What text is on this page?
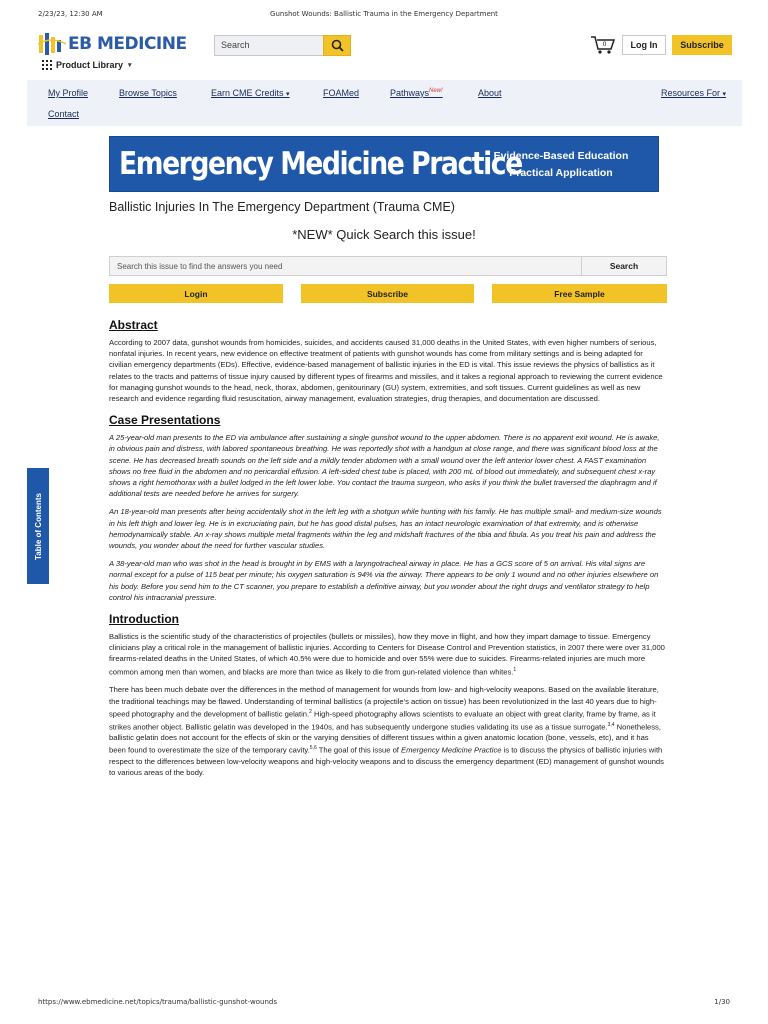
2/23/23, 12:30 AM	Gunshot Wounds: Ballistic Trauma in the Emergency Department
EB MEDICINE
Product Library ▾
Search	0	Log In	Subscribe
My Profile	Browse Topics	Earn CME Credits ▾	FOAMed	Pathways$^{New!}$	About	Resources For ▾
Contact
Emergency Medicine Practice
Evidence-Based Education
Practical Application
Ballistic Injuries In The Emergency Department (Trauma CME)
*NEW* Quick Search this issue!
Search this issue to find the answers you need	Search
Login	Subscribe	Free Sample
Table of Contents
Abstract

According to 2007 data, gunshot wounds from homicides, suicides, and accidents caused 31,000 deaths in the United States, with even higher numbers of serious, nonfatal injuries. In recent years, new evidence on effective treatment of patients with gunshot wounds has come from military settings and is being adapted for civilian emergency departments (EDs). Effective, evidence-based management of ballistic injuries in the ED is vital. This issue reviews the physics of ballistics as it relates to the tracts and patterns of tissue injury caused by different types of firearms and missiles, and it takes a regional approach to reviewing the current evidence for managing gunshot wounds to the head, neck, thorax, abdomen, genitourinary (GU) system, extremities, and soft tissues. Current guidelines as well as new research and evidence regarding fluid resuscitation, airway management, evaluation strategies, drug therapies, and documentation are discussed.

Case Presentations

A 25-year-old man presents to the ED via ambulance after sustaining a single gunshot wound to the upper abdomen. There is no apparent exit wound. He is awake, in obvious pain and distress, with labored spontaneous breathing. He was reportedly shot with a handgun at close range, and there was significant blood loss at the scene. He has decreased breath sounds on the left side and a mildly tender abdomen with a small wound over the left anterior lower chest. A FAST examination shows no free fluid in the abdomen and no pericardial effusion. A left-sided chest tube is placed, with 200 mL of blood out immediately, and subsequent chest x-ray shows a right hemothorax with a bullet lodged in the left lower lobe. You contact the trauma surgeon, who asks if you think the bullet traversed the diaphragm and if additional tests are needed before he arrives for surgery.

An 18-year-old man presents after being accidentally shot in the left leg with a shotgun while hunting with his family. He has multiple small- and medium-size wounds in his left thigh and lower leg. He is in excruciating pain, but he has good distal pulses, has an intact neurologic examination of that extremity, and is otherwise hemodynamically stable. An x-ray shows multiple metal fragments within the leg and midshaft fractures of the tibia and fibula. As you treat his pain and address the wounds, you wonder about the need for further vascular studies.

A 38-year-old man who was shot in the head is brought in by EMS with a laryngotracheal airway in place. He has a GCS score of 5 on arrival. His vital signs are normal except for a pulse of 115 beat per minute; his oxygen saturation is 94% via the airway. There appears to be only 1 wound and no other injuries elsewhere on his body. Before you send him to the CT scanner, you prepare to establish a definitive airway, but you wonder about the right drugs and ventilator strategy to help control his intracranial pressure.

Introduction

Ballistics is the scientific study of the characteristics of projectiles (bullets or missiles), how they move in flight, and how they impart damage to tissue. Emergency clinicians play a critical role in the management of ballistic injuries. According to Centers for Disease Control and Prevention statistics, in 2007 there were over 31,000 firearms-related deaths in the United States, of which 40.5% were due to homicide and over 55% were due to suicides. Firearms-related injuries are much more common among men than women, and blacks are more than twice as likely to die from gun-related violence than whites.$^1$

There has been much debate over the differences in the method of management for wounds from low- and high-velocity weapons. Based on the available literature, the traditional teachings may be flawed. Understanding of terminal ballistics (a projectile's action on tissue) has been revolutionized in the last 40 years due to high-speed photography and the development of ballistic gelatin.$^2$ High-speed photography allows scientists to evaluate an object with great clarity, frame by frame, as it strikes another object. Ballistic gelatin was developed in the 1940s, and has subsequently undergone studies validating its use as a tissue surrogate.$^{3,4}$ Nonetheless, ballistic gelatin does not account for the effects of skin or the varying densities of different tissues within a given anatomic location (bone, vessels, etc), and it has been found to overestimate the size of the temporary cavity.$^{5,6}$ The goal of this issue of Emergency Medicine Practice is to discuss the physics of ballistic injuries with respect to the differences between low-velocity weapons and high-velocity weapons and to discuss the emergency department (ED) management of gunshot wounds to various areas of the body.

https://www.ebmedicine.net/topics/trauma/ballistic-gunshot-wounds	1/30
